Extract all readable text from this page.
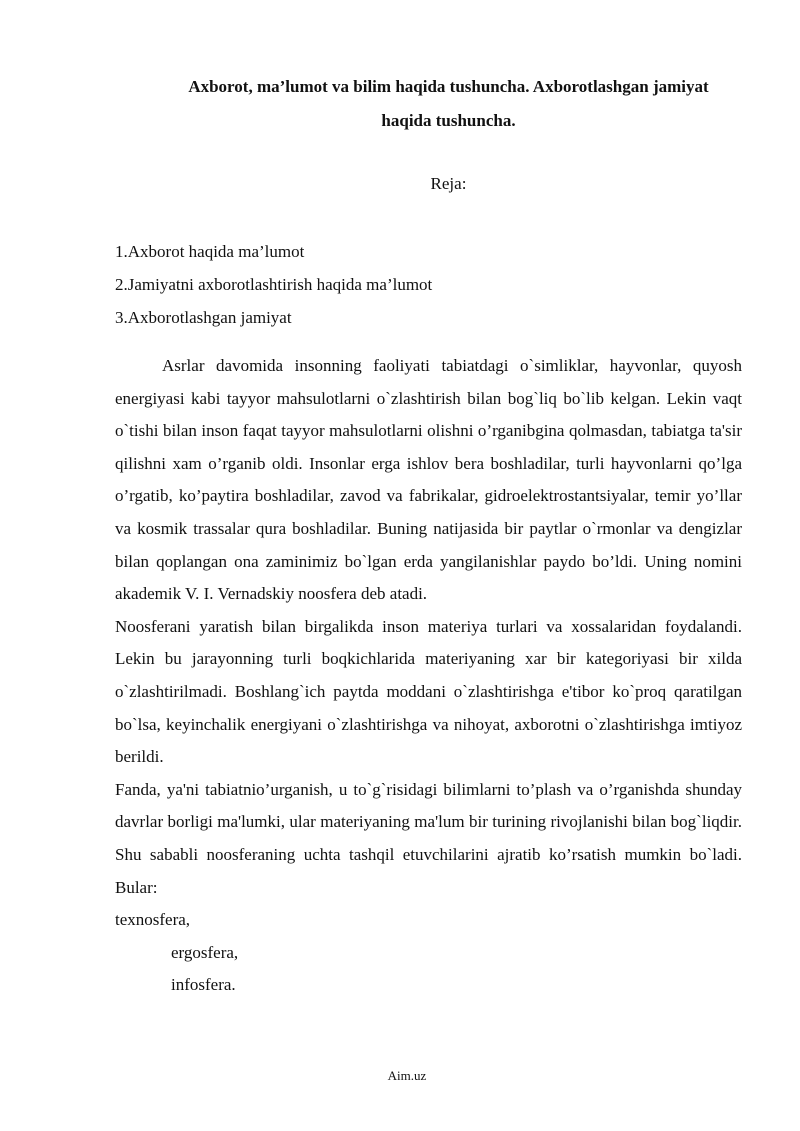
Axborot, ma’lumot va bilim haqida tushuncha. Axborotlashgan jamiyat
haqida tushuncha.

Reja:

1.Axborot haqida ma’lumot
2.Jamiyatni axborotlashtirish haqida ma’lumot
3.Axborotlashgan jamiyat

Asrlar davomida insonning faoliyati tabiatdagi o`simliklar, hayvonlar, quyosh energiyasi kabi tayyor mahsulotlarni o`zlashtirish bilan bog`liq bo`lib kelgan. Lekin vaqt o`tishi bilan inson faqat tayyor mahsulotlarni olishni o’rganibgina qolmasdan, tabiatga ta'sir qilishni xam o’rganib oldi. Insonlar erga ishlov bera boshladilar, turli hayvonlarni qo’lga o’rgatib, ko’paytira boshladilar, zavod va fabrikalar, gidroelektrostantsiyalar, temir yo’llar va kosmik trassalar qura boshladilar. Buning natijasida bir paytlar o`rmonlar va dengizlar bilan qoplangan ona zaminimiz bo`lgan erda yangilanishlar paydo bo’ldi. Uning nomini akademik V. I. Vernadskiy noosfera deb atadi.

Noosferani yaratish bilan birgalikda inson materiya turlari va xossalaridan foydalandi. Lekin bu jarayonning turli boqkichlarida materiyaning xar bir kategoriyasi bir xilda o`zlashtirilmadi. Boshlang`ich paytda moddani o`zlashtirishga e'tibor ko`proq qaratilgan bo`lsa, keyinchalik energiyani o`zlashtirishga va nihoyat, axborotni o`zlashtirishga imtiyoz berildi.

Fanda, ya'ni tabiatnio’urganish, u to`g`risidagi bilimlarni to’plash va o’rganishda shunday davrlar borligi ma'lumki, ular materiyaning ma'lum bir turining rivojlanishi bilan bog`liqdir. Shu sababli noosferaning uchta tashqil etuvchilarini ajratib ko’rsatish mumkin bo`ladi. Bular:

texnosfera,

ergosfera,

infosfera.

Aim.uz
